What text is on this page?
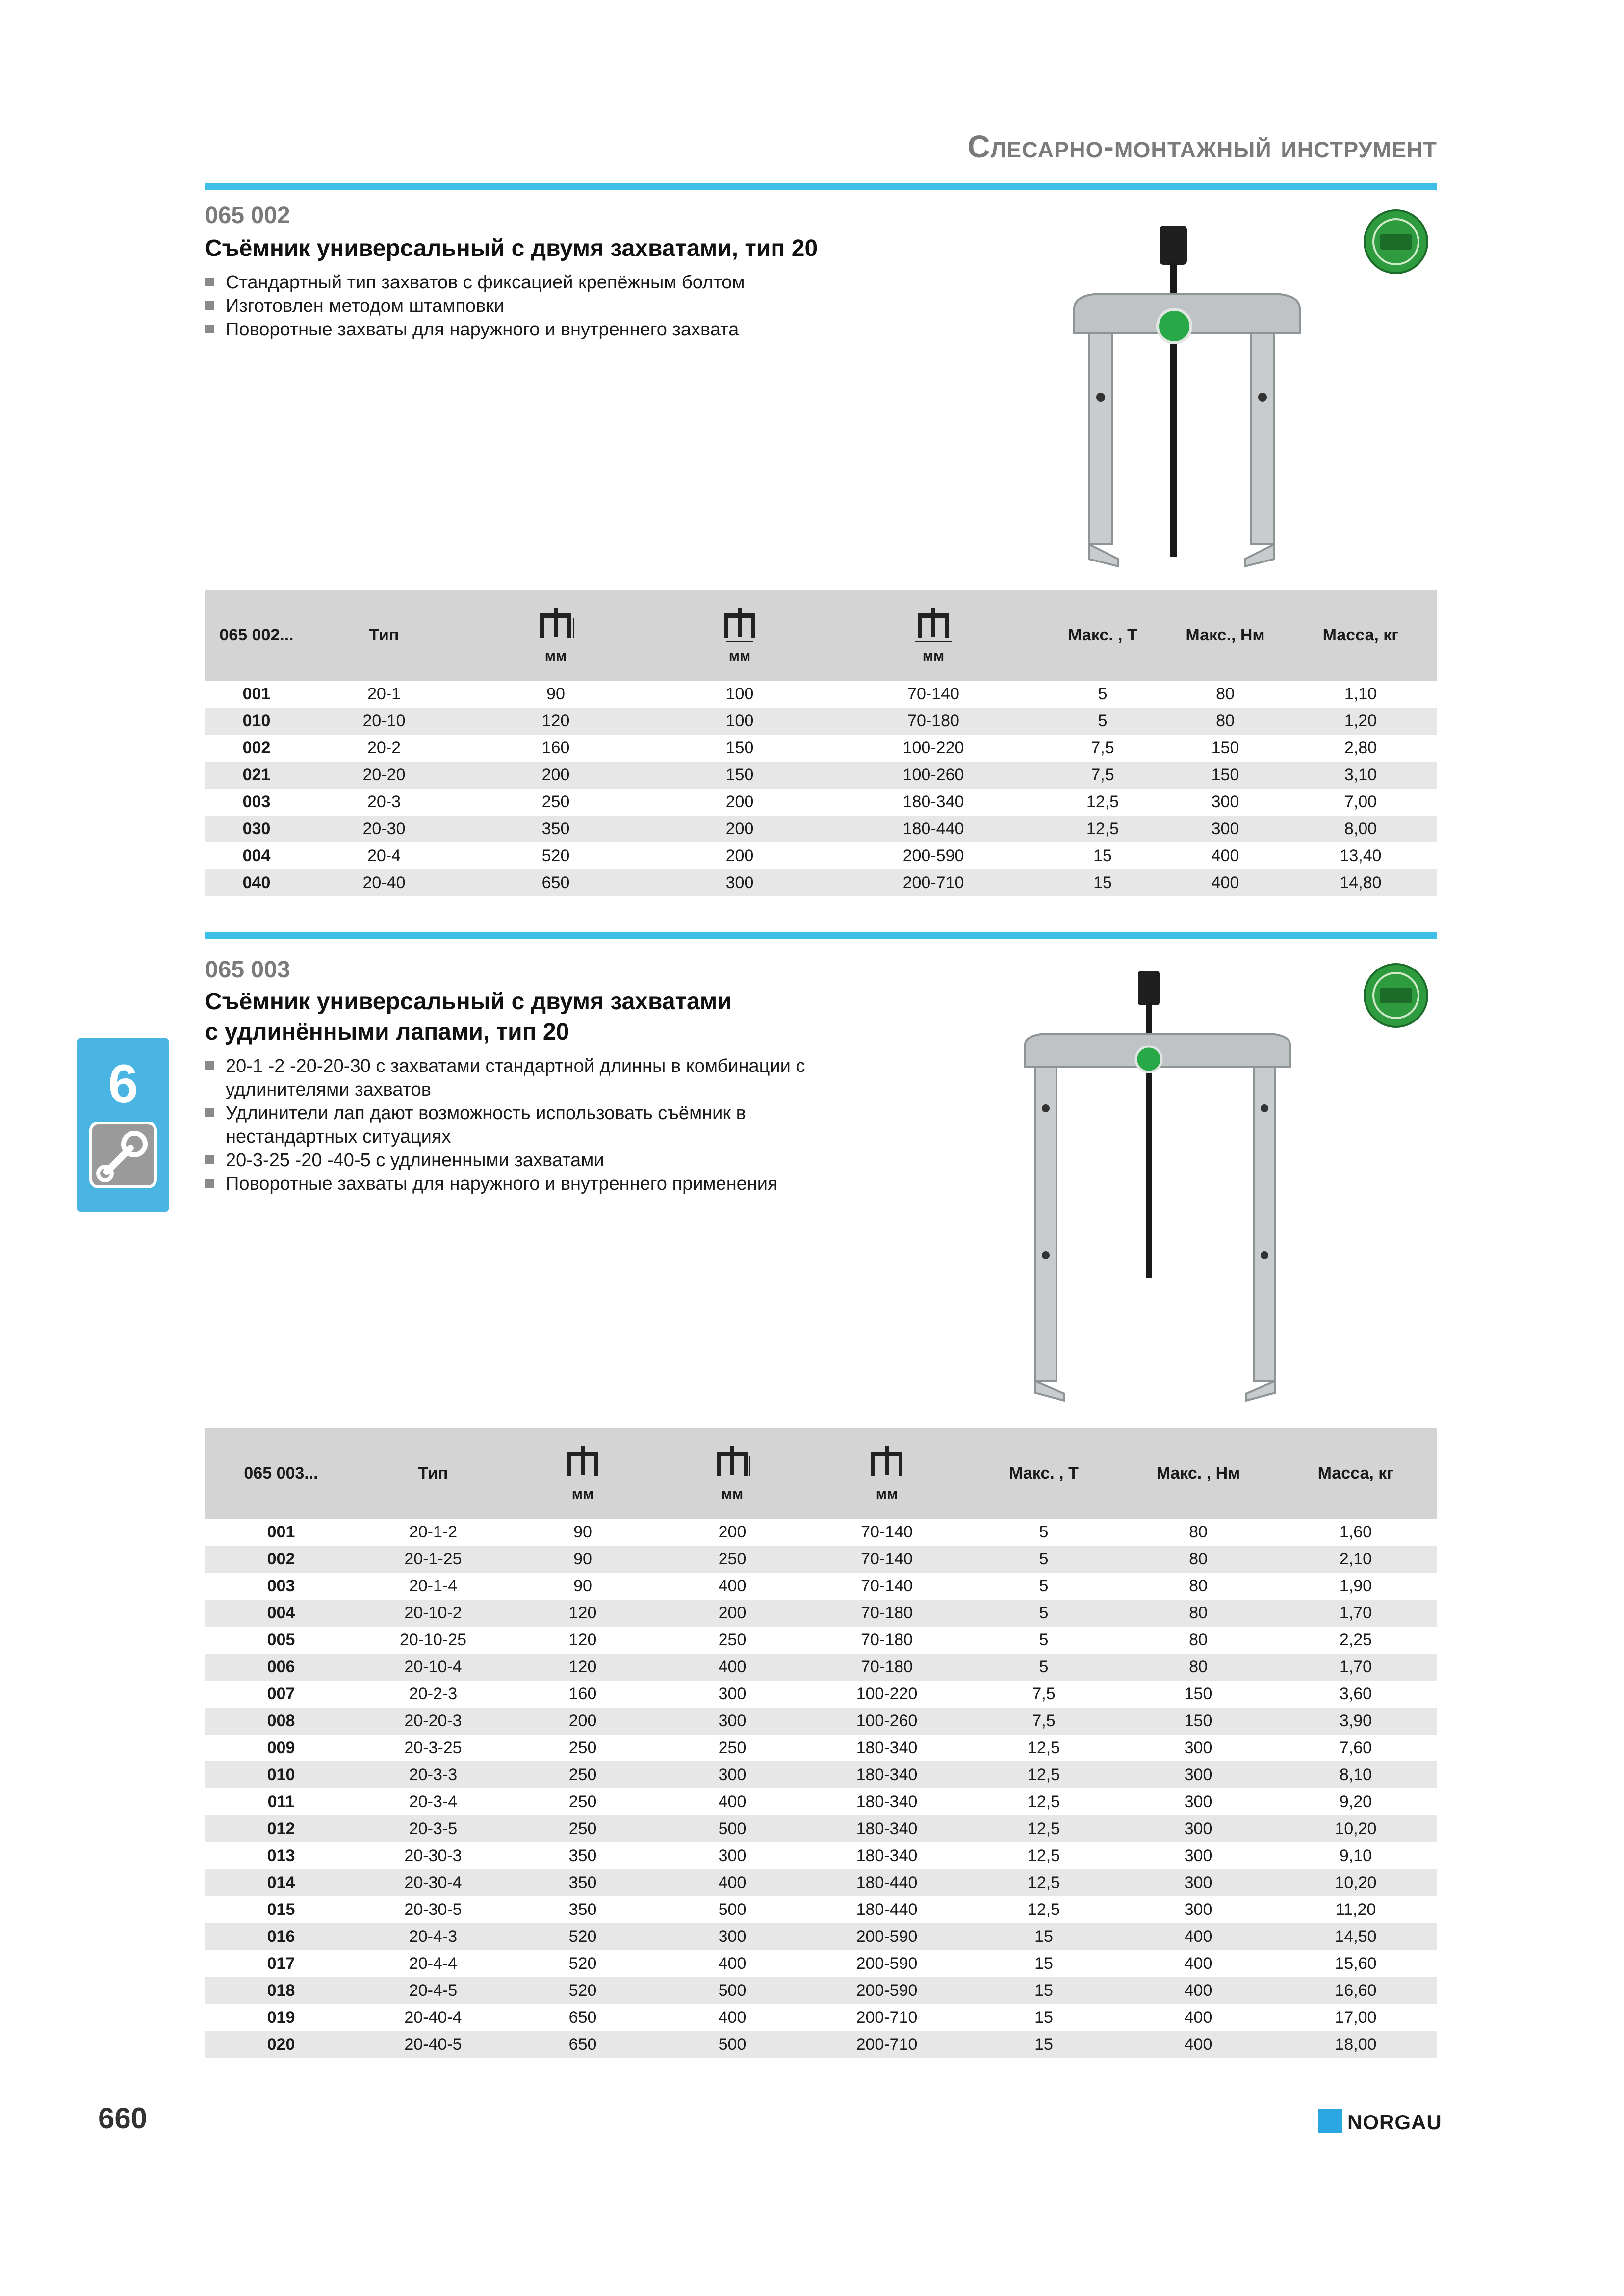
Слесарно-монтажный инструмент
065 002
Съёмник универсальный с двумя захватами, тип 20
Стандартный тип захватов с фиксацией крепёжным болтом
Изготовлен методом штамповки
Поворотные захваты для наружного и внутреннего захвата
065 002...	Тип	мм	мм	мм	Макс. , Т	Макс., Нм	Масса, кг
001	20-1	90	100	70-140	5	80	1,10
010	20-10	120	100	70-180	5	80	1,20
002	20-2	160	150	100-220	7,5	150	2,80
021	20-20	200	150	100-260	7,5	150	3,10
003	20-3	250	200	180-340	12,5	300	7,00
030	20-30	350	200	180-440	12,5	300	8,00
004	20-4	520	200	200-590	15	400	13,40
040	20-40	650	300	200-710	15	400	14,80
065 003
Съёмник универсальный с двумя захватами
с удлинёнными лапами, тип 20
20-1 -2 -20-20-30 с захватами стандартной длинны в комбинации с удлинителями захватов
Удлинители лап дают возможность использовать съёмник в нестандартных ситуациях
20-3-25 -20 -40-5 с удлиненными захватами
Поворотные захваты для наружного и внутреннего применения
065 003...	Тип	мм	мм	мм	Макс. , Т	Макс. , Нм	Масса, кг
001	20-1-2	90	200	70-140	5	80	1,60
002	20-1-25	90	250	70-140	5	80	2,10
003	20-1-4	90	400	70-140	5	80	1,90
004	20-10-2	120	200	70-180	5	80	1,70
005	20-10-25	120	250	70-180	5	80	2,25
006	20-10-4	120	400	70-180	5	80	1,70
007	20-2-3	160	300	100-220	7,5	150	3,60
008	20-20-3	200	300	100-260	7,5	150	3,90
009	20-3-25	250	250	180-340	12,5	300	7,60
010	20-3-3	250	300	180-340	12,5	300	8,10
011	20-3-4	250	400	180-340	12,5	300	9,20
012	20-3-5	250	500	180-340	12,5	300	10,20
013	20-30-3	350	300	180-340	12,5	300	9,10
014	20-30-4	350	400	180-440	12,5	300	10,20
015	20-30-5	350	500	180-440	12,5	300	11,20
016	20-4-3	520	300	200-590	15	400	14,50
017	20-4-4	520	400	200-590	15	400	15,60
018	20-4-5	520	500	200-590	15	400	16,60
019	20-40-4	650	400	200-710	15	400	17,00
020	20-40-5	650	500	200-710	15	400	18,00
6
660	NORGAU
